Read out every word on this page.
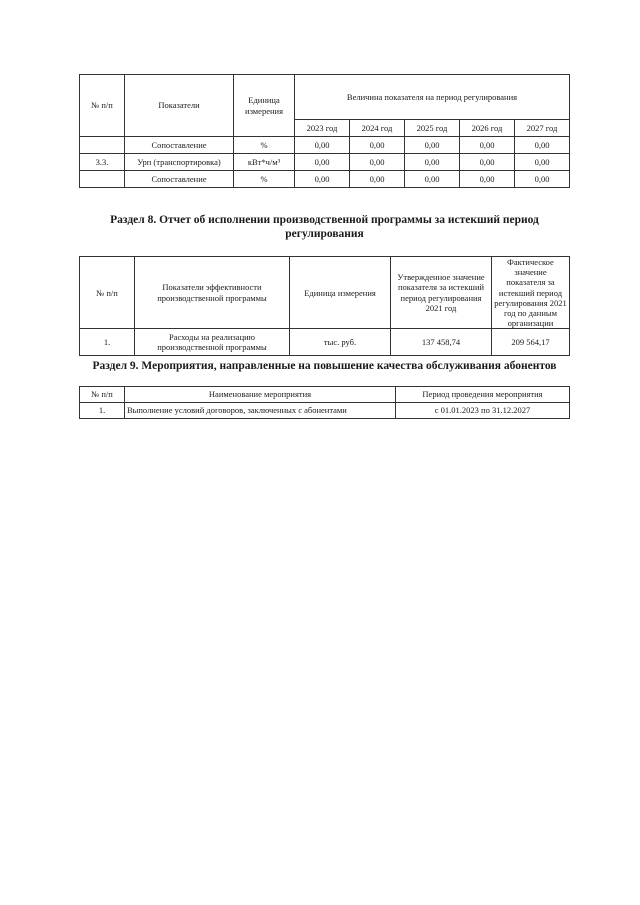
№ п/п	Показатели	Единица измерения	Величина показателя на период регулирования				
			2023 год	2024 год	2025 год	2026 год	2027 год
	Сопоставление	%	0,00	0,00	0,00	0,00	0,00
3.3.	Урп (транспортировка)	кВт*ч/м³	0,00	0,00	0,00	0,00	0,00
	Сопоставление	%	0,00	0,00	0,00	0,00	0,00

Раздел 8. Отчет об исполнении производственной программы за истекший период регулирования

№ п/п	Показатели эффективности производственной программы	Единица измерения	Утвержденное значение показателя за истекший период регулирования 2021 год	Фактическое значение показателя за истекший период регулирования 2021 год по данным организации
1.	Расходы на реализацию производственной программы	тыс. руб.	137 458,74	209 564,17

Раздел 9. Мероприятия, направленные на повышение качества обслуживания абонентов

№ п/п	Наименование мероприятия	Период проведения мероприятия
1.	Выполнение условий договоров, заключенных с абонентами	с 01.01.2023 по 31.12.2027
